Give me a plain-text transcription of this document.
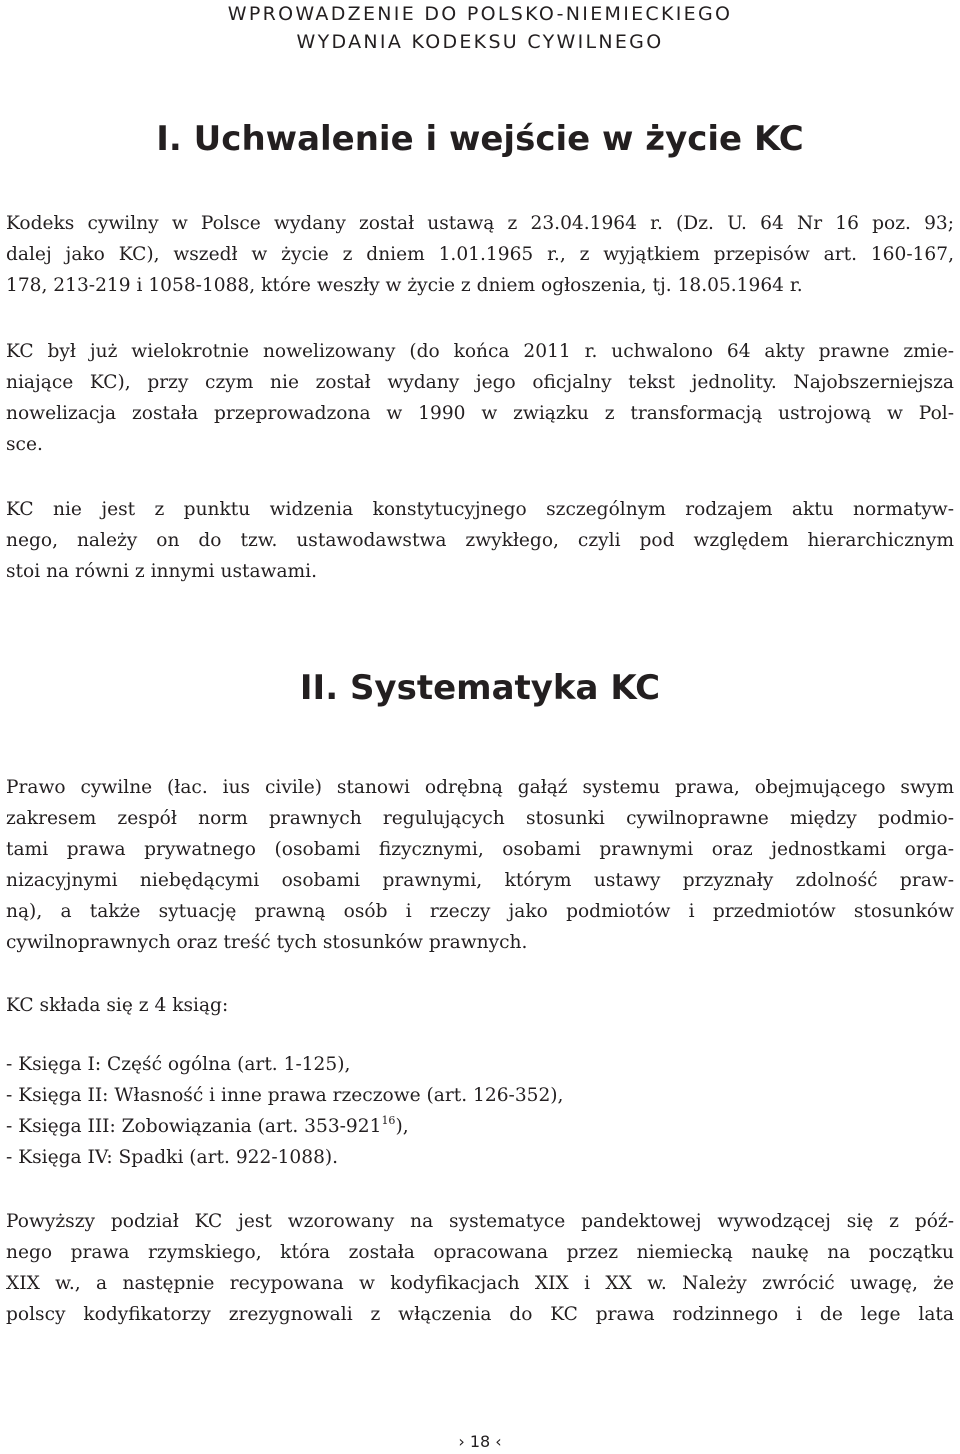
WPROWADZENIE DO POLSKO-NIEMIECKIEGO
WYDANIA KODEKSU CYWILNEGO
I. Uchwalenie i wejście w życie KC
Kodeks cywilny w Polsce wydany został ustawą z 23.04.1964 r. (Dz. U. 64 Nr 16 poz. 93;
dalej jako KC), wszedł w życie z dniem 1.01.1965 r., z wyjątkiem przepisów art. 160-167,
178, 213-219 i 1058-1088, które weszły w życie z dniem ogłoszenia, tj. 18.05.1964 r.
KC był już wielokrotnie nowelizowany (do końca 2011 r. uchwalono 64 akty prawne zmie-
niające KC), przy czym nie został wydany jego oficjalny tekst jednolity. Najobszerniejsza
nowelizacja została przeprowadzona w 1990 w związku z transformacją ustrojową w Pol-
sce.
KC nie jest z punktu widzenia konstytucyjnego szczególnym rodzajem aktu normatyw-
nego, należy on do tzw. ustawodawstwa zwykłego, czyli pod względem hierarchicznym
stoi na równi z innymi ustawami.
II. Systematyka KC
Prawo cywilne (łac. ius civile) stanowi odrębną gałąź systemu prawa, obejmującego swym
zakresem zespół norm prawnych regulujących stosunki cywilnoprawne między podmio-
tami prawa prywatnego (osobami fizycznymi, osobami prawnymi oraz jednostkami orga-
nizacyjnymi niebędącymi osobami prawnymi, którym ustawy przyznały zdolność praw-
ną), a także sytuację prawną osób i rzeczy jako podmiotów i przedmiotów stosunków
cywilnoprawnych oraz treść tych stosunków prawnych.
KC składa się z 4 ksiąg:
- Księga I: Część ogólna (art. 1-125),
- Księga II: Własność i inne prawa rzeczowe (art. 126-352),
- Księga III: Zobowiązania (art. $353-921^{16}$),
- Księga IV: Spadki (art. 922-1088).
Powyższy podział KC jest wzorowany na systematyce pandektowej wywodzącej się z póź-
nego prawa rzymskiego, która została opracowana przez niemiecką naukę na początku
XIX w., a następnie recypowana w kodyfikacjach XIX i XX w. Należy zwrócić uwagę, że
polscy kodyfikatorzy zrezygnowali z włączenia do KC prawa rodzinnego i de lege lata
› 18 ‹
